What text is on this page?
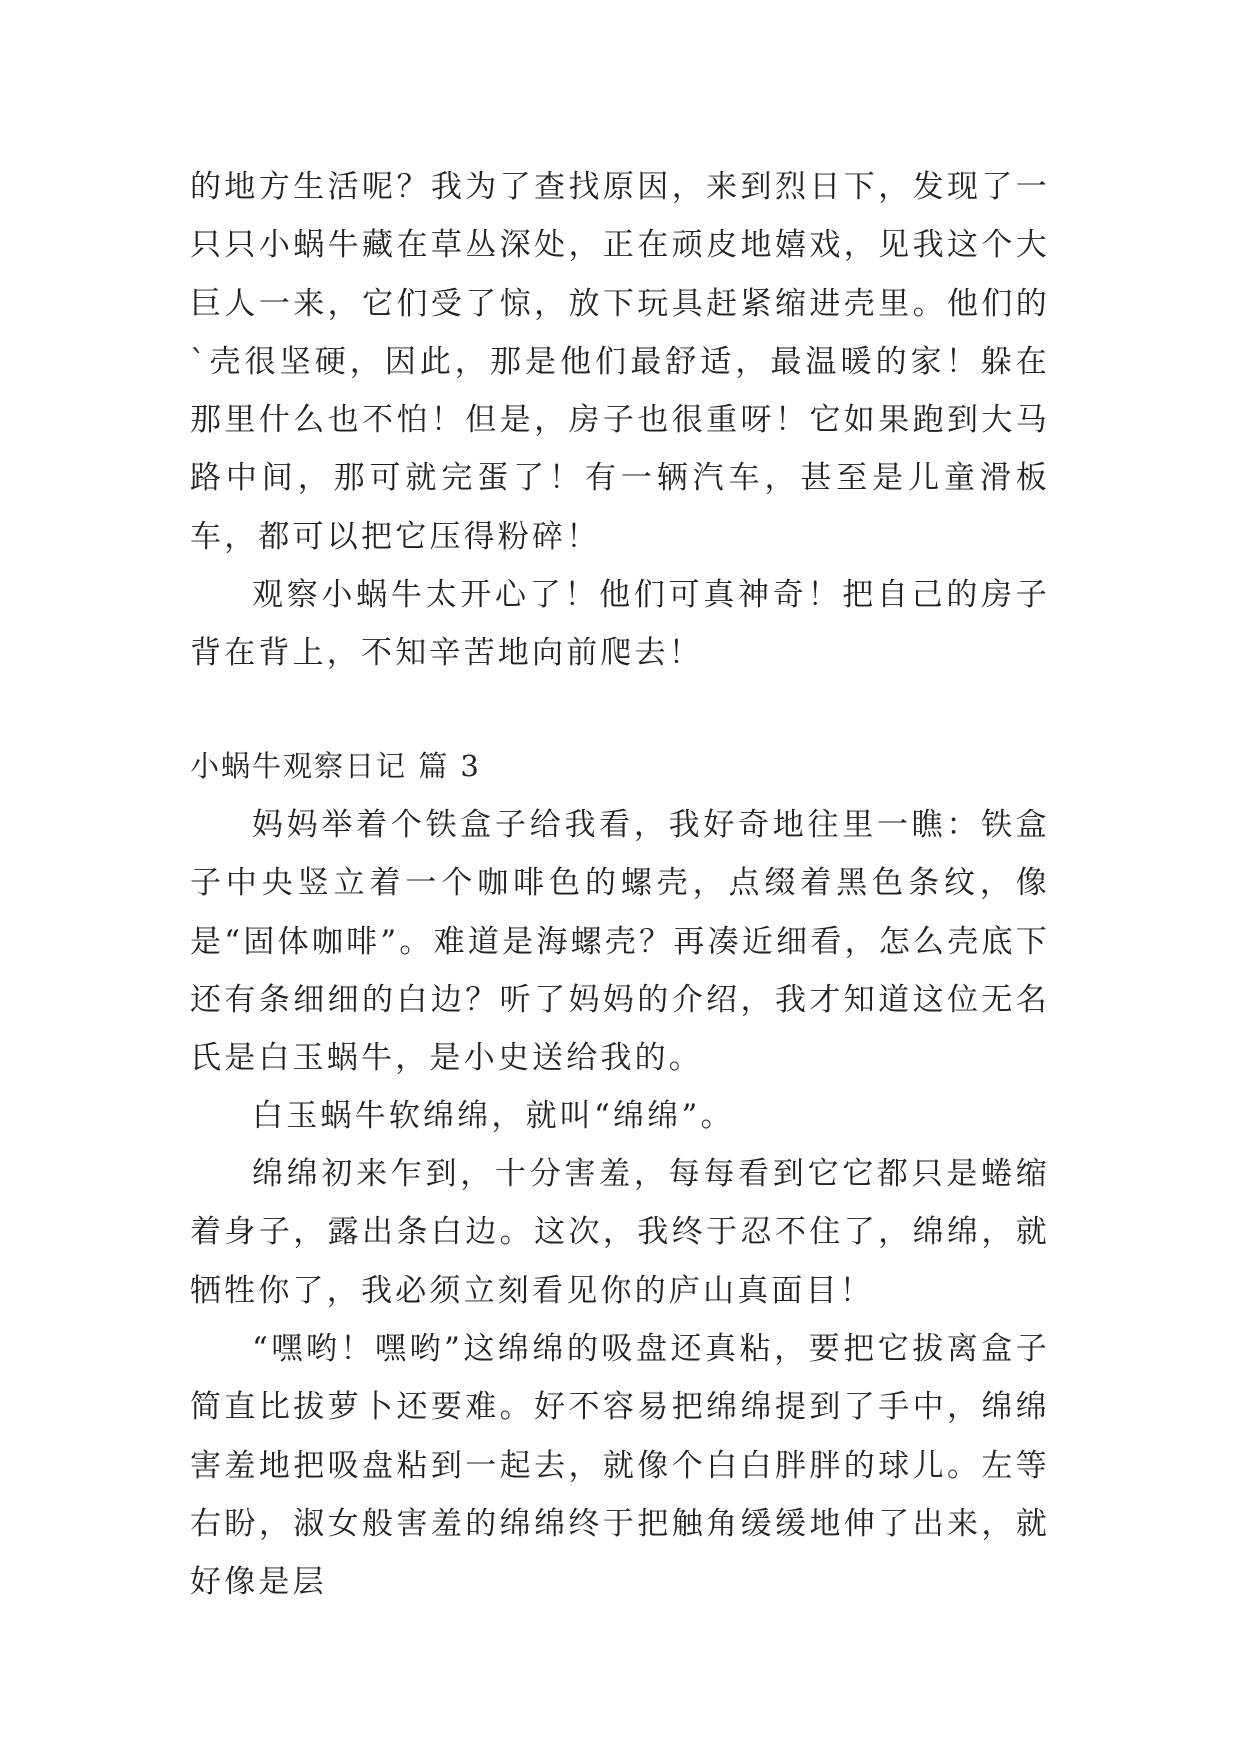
的地方生活呢？我为了查找原因，来到烈日下，发现了一只只小蜗牛藏在草丛深处，正在顽皮地嬉戏，见我这个大巨人一来，它们受了惊，放下玩具赶紧缩进壳里。他们的`壳很坚硬，因此，那是他们最舒适，最温暖的家！躲在那里什么也不怕！但是，房子也很重呀！它如果跑到大马路中间，那可就完蛋了！有一辆汽车，甚至是儿童滑板车，都可以把它压得粉碎！

观察小蜗牛太开心了！他们可真神奇！把自己的房子背在背上，不知辛苦地向前爬去！

小蜗牛观察日记 篇 3

妈妈举着个铁盒子给我看，我好奇地往里一瞧：铁盒子中央竖立着一个咖啡色的螺壳，点缀着黑色条纹，像是“固体咖啡”。难道是海螺壳？再凑近细看，怎么壳底下还有条细细的白边？听了妈妈的介绍，我才知道这位无名氏是白玉蜗牛，是小史送给我的。

白玉蜗牛软绵绵，就叫“绵绵”。

绵绵初来乍到，十分害羞，每每看到它它都只是蜷缩着身子，露出条白边。这次，我终于忍不住了，绵绵，就牺牲你了，我必须立刻看见你的庐山真面目！

“嘿哟！嘿哟”这绵绵的吸盘还真粘，要把它拔离盒子简直比拔萝卜还要难。好不容易把绵绵提到了手中，绵绵害羞地把吸盘粘到一起去，就像个白白胖胖的球儿。左等右盼，淑女般害羞的绵绵终于把触角缓缓地伸了出来，就好像是层
